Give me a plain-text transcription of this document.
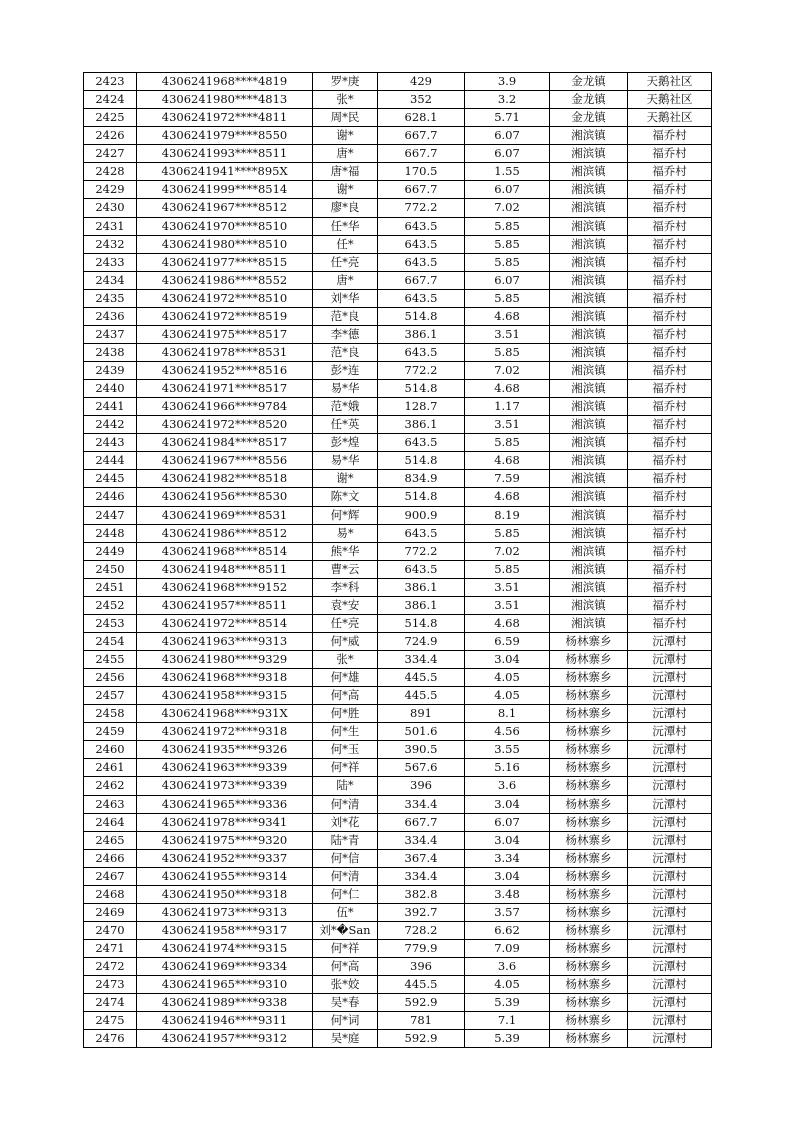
2423	4306241968****4819	罗*庚	429	3.9	金龙镇	天鹅社区
2424	4306241980****4813	张*	352	3.2	金龙镇	天鹅社区
2425	4306241972****4811	周*民	628.1	5.71	金龙镇	天鹅社区
2426	4306241979****8550	谢*	667.7	6.07	湘滨镇	福乔村
2427	4306241993****8511	唐*	667.7	6.07	湘滨镇	福乔村
2428	4306241941****895X	唐*福	170.5	1.55	湘滨镇	福乔村
2429	4306241999****8514	谢*	667.7	6.07	湘滨镇	福乔村
2430	4306241967****8512	廖*良	772.2	7.02	湘滨镇	福乔村
2431	4306241970****8510	任*华	643.5	5.85	湘滨镇	福乔村
2432	4306241980****8510	任*	643.5	5.85	湘滨镇	福乔村
2433	4306241977****8515	任*亮	643.5	5.85	湘滨镇	福乔村
2434	4306241986****8552	唐*	667.7	6.07	湘滨镇	福乔村
2435	4306241972****8510	刘*华	643.5	5.85	湘滨镇	福乔村
2436	4306241972****8519	范*良	514.8	4.68	湘滨镇	福乔村
2437	4306241975****8517	李*德	386.1	3.51	湘滨镇	福乔村
2438	4306241978****8531	范*良	643.5	5.85	湘滨镇	福乔村
2439	4306241952****8516	彭*连	772.2	7.02	湘滨镇	福乔村
2440	4306241971****8517	易*华	514.8	4.68	湘滨镇	福乔村
2441	4306241966****9784	范*娥	128.7	1.17	湘滨镇	福乔村
2442	4306241972****8520	任*英	386.1	3.51	湘滨镇	福乔村
2443	4306241984****8517	彭*煌	643.5	5.85	湘滨镇	福乔村
2444	4306241967****8556	易*华	514.8	4.68	湘滨镇	福乔村
2445	4306241982****8518	谢*	834.9	7.59	湘滨镇	福乔村
2446	4306241956****8530	陈*文	514.8	4.68	湘滨镇	福乔村
2447	4306241969****8531	何*辉	900.9	8.19	湘滨镇	福乔村
2448	4306241986****8512	易*	643.5	5.85	湘滨镇	福乔村
2449	4306241968****8514	熊*华	772.2	7.02	湘滨镇	福乔村
2450	4306241948****8511	曹*云	643.5	5.85	湘滨镇	福乔村
2451	4306241968****9152	李*科	386.1	3.51	湘滨镇	福乔村
2452	4306241957****8511	袁*安	386.1	3.51	湘滨镇	福乔村
2453	4306241972****8514	任*亮	514.8	4.68	湘滨镇	福乔村
2454	4306241963****9313	何*威	724.9	6.59	杨林寨乡	沅潭村
2455	4306241980****9329	张*	334.4	3.04	杨林寨乡	沅潭村
2456	4306241968****9318	何*雄	445.5	4.05	杨林寨乡	沅潭村
2457	4306241958****9315	何*高	445.5	4.05	杨林寨乡	沅潭村
2458	4306241968****931X	何*胜	891	8.1	杨林寨乡	沅潭村
2459	4306241972****9318	何*生	501.6	4.56	杨林寨乡	沅潭村
2460	4306241935****9326	何*玉	390.5	3.55	杨林寨乡	沅潭村
2461	4306241963****9339	何*祥	567.6	5.16	杨林寨乡	沅潭村
2462	4306241973****9339	陆*	396	3.6	杨林寨乡	沅潭村
2463	4306241965****9336	何*清	334.4	3.04	杨林寨乡	沅潭村
2464	4306241978****9341	刘*花	667.7	6.07	杨林寨乡	沅潭村
2465	4306241975****9320	陆*青	334.4	3.04	杨林寨乡	沅潭村
2466	4306241952****9337	何*信	367.4	3.34	杨林寨乡	沅潭村
2467	4306241955****9314	何*清	334.4	3.04	杨林寨乡	沅潭村
2468	4306241950****9318	何*仁	382.8	3.48	杨林寨乡	沅潭村
2469	4306241973****9313	伍*	392.7	3.57	杨林寨乡	沅潭村
2470	4306241958****9317	刘*�San	728.2	6.62	杨林寨乡	沅潭村
2471	4306241974****9315	何*祥	779.9	7.09	杨林寨乡	沅潭村
2472	4306241969****9334	何*高	396	3.6	杨林寨乡	沅潭村
2473	4306241965****9310	张*姣	445.5	4.05	杨林寨乡	沅潭村
2474	4306241989****9338	吴*春	592.9	5.39	杨林寨乡	沅潭村
2475	4306241946****9311	何*词	781	7.1	杨林寨乡	沅潭村
2476	4306241957****9312	吴*庭	592.9	5.39	杨林寨乡	沅潭村
